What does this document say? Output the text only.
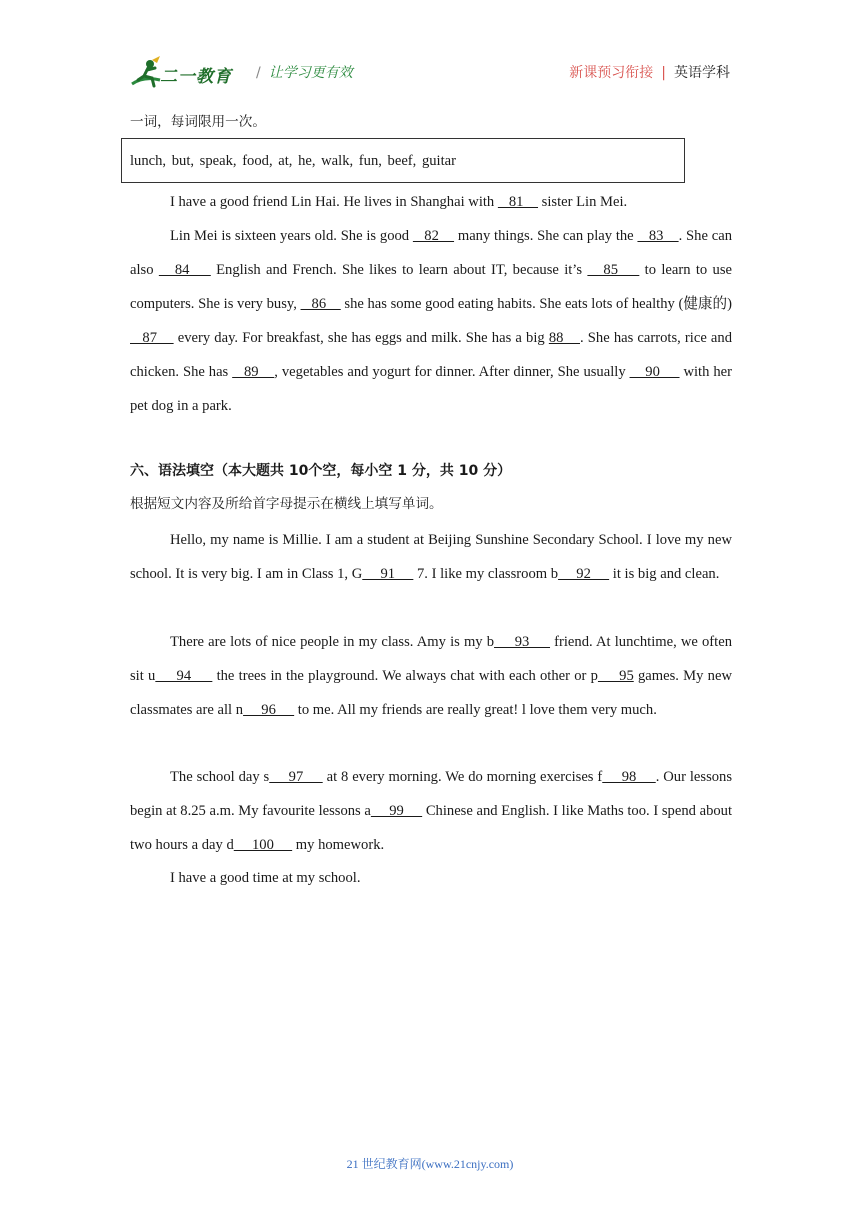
二一教育 / 让学习更有效	新课预习衔接 | 英语学科
一词，每词限用一次。
lunch, but, speak, food, at, he, walk, fun, beef, guitar
I have a good friend Lin Hai. He lives in Shanghai with    81     sister Lin Mei.
Lin Mei is sixteen years old. She is good    82     many things. She can play the    83    . She can also    84     English and French. She likes to learn about IT, because it’s    85     to learn to use computers. She is very busy,    86     she has some good eating habits. She eats lots of healthy (健康的)    87     every day. For breakfast, she has eggs and milk. She has a big 88    . She has carrots, rice and chicken. She has    89    , vegetables and yogurt for dinner. After dinner, She usually     90      with her pet dog in a park.
六、语法填空（本大题共 10个空，每小空 1 分，共 10 分）
根据短文内容及所给首字母提示在横线上填写单词。
Hello, my name is Millie. I am a student at Beijing Sunshine Secondary School. I love my new school. It is very big. I am in Class 1, G     91      7. I like my classroom b     92      it is big and clean.
There are lots of nice people in my class. Amy is my b     93      friend. At lunchtime, we often sit u     94      the trees in the playground. We always chat with each other or p     95 games. My new classmates are all n     96      to me. All my friends are really great! l love them very much.
The school day s     97      at 8 every morning. We do morning exercises f     98     . Our lessons begin at 8.25 a.m. My favourite lessons a     99      Chinese and English. I like Maths too. I spend about two hours a day d     100      my homework.
I have a good time at my school.
21 世纪教育网(www.21cnjy.com)
